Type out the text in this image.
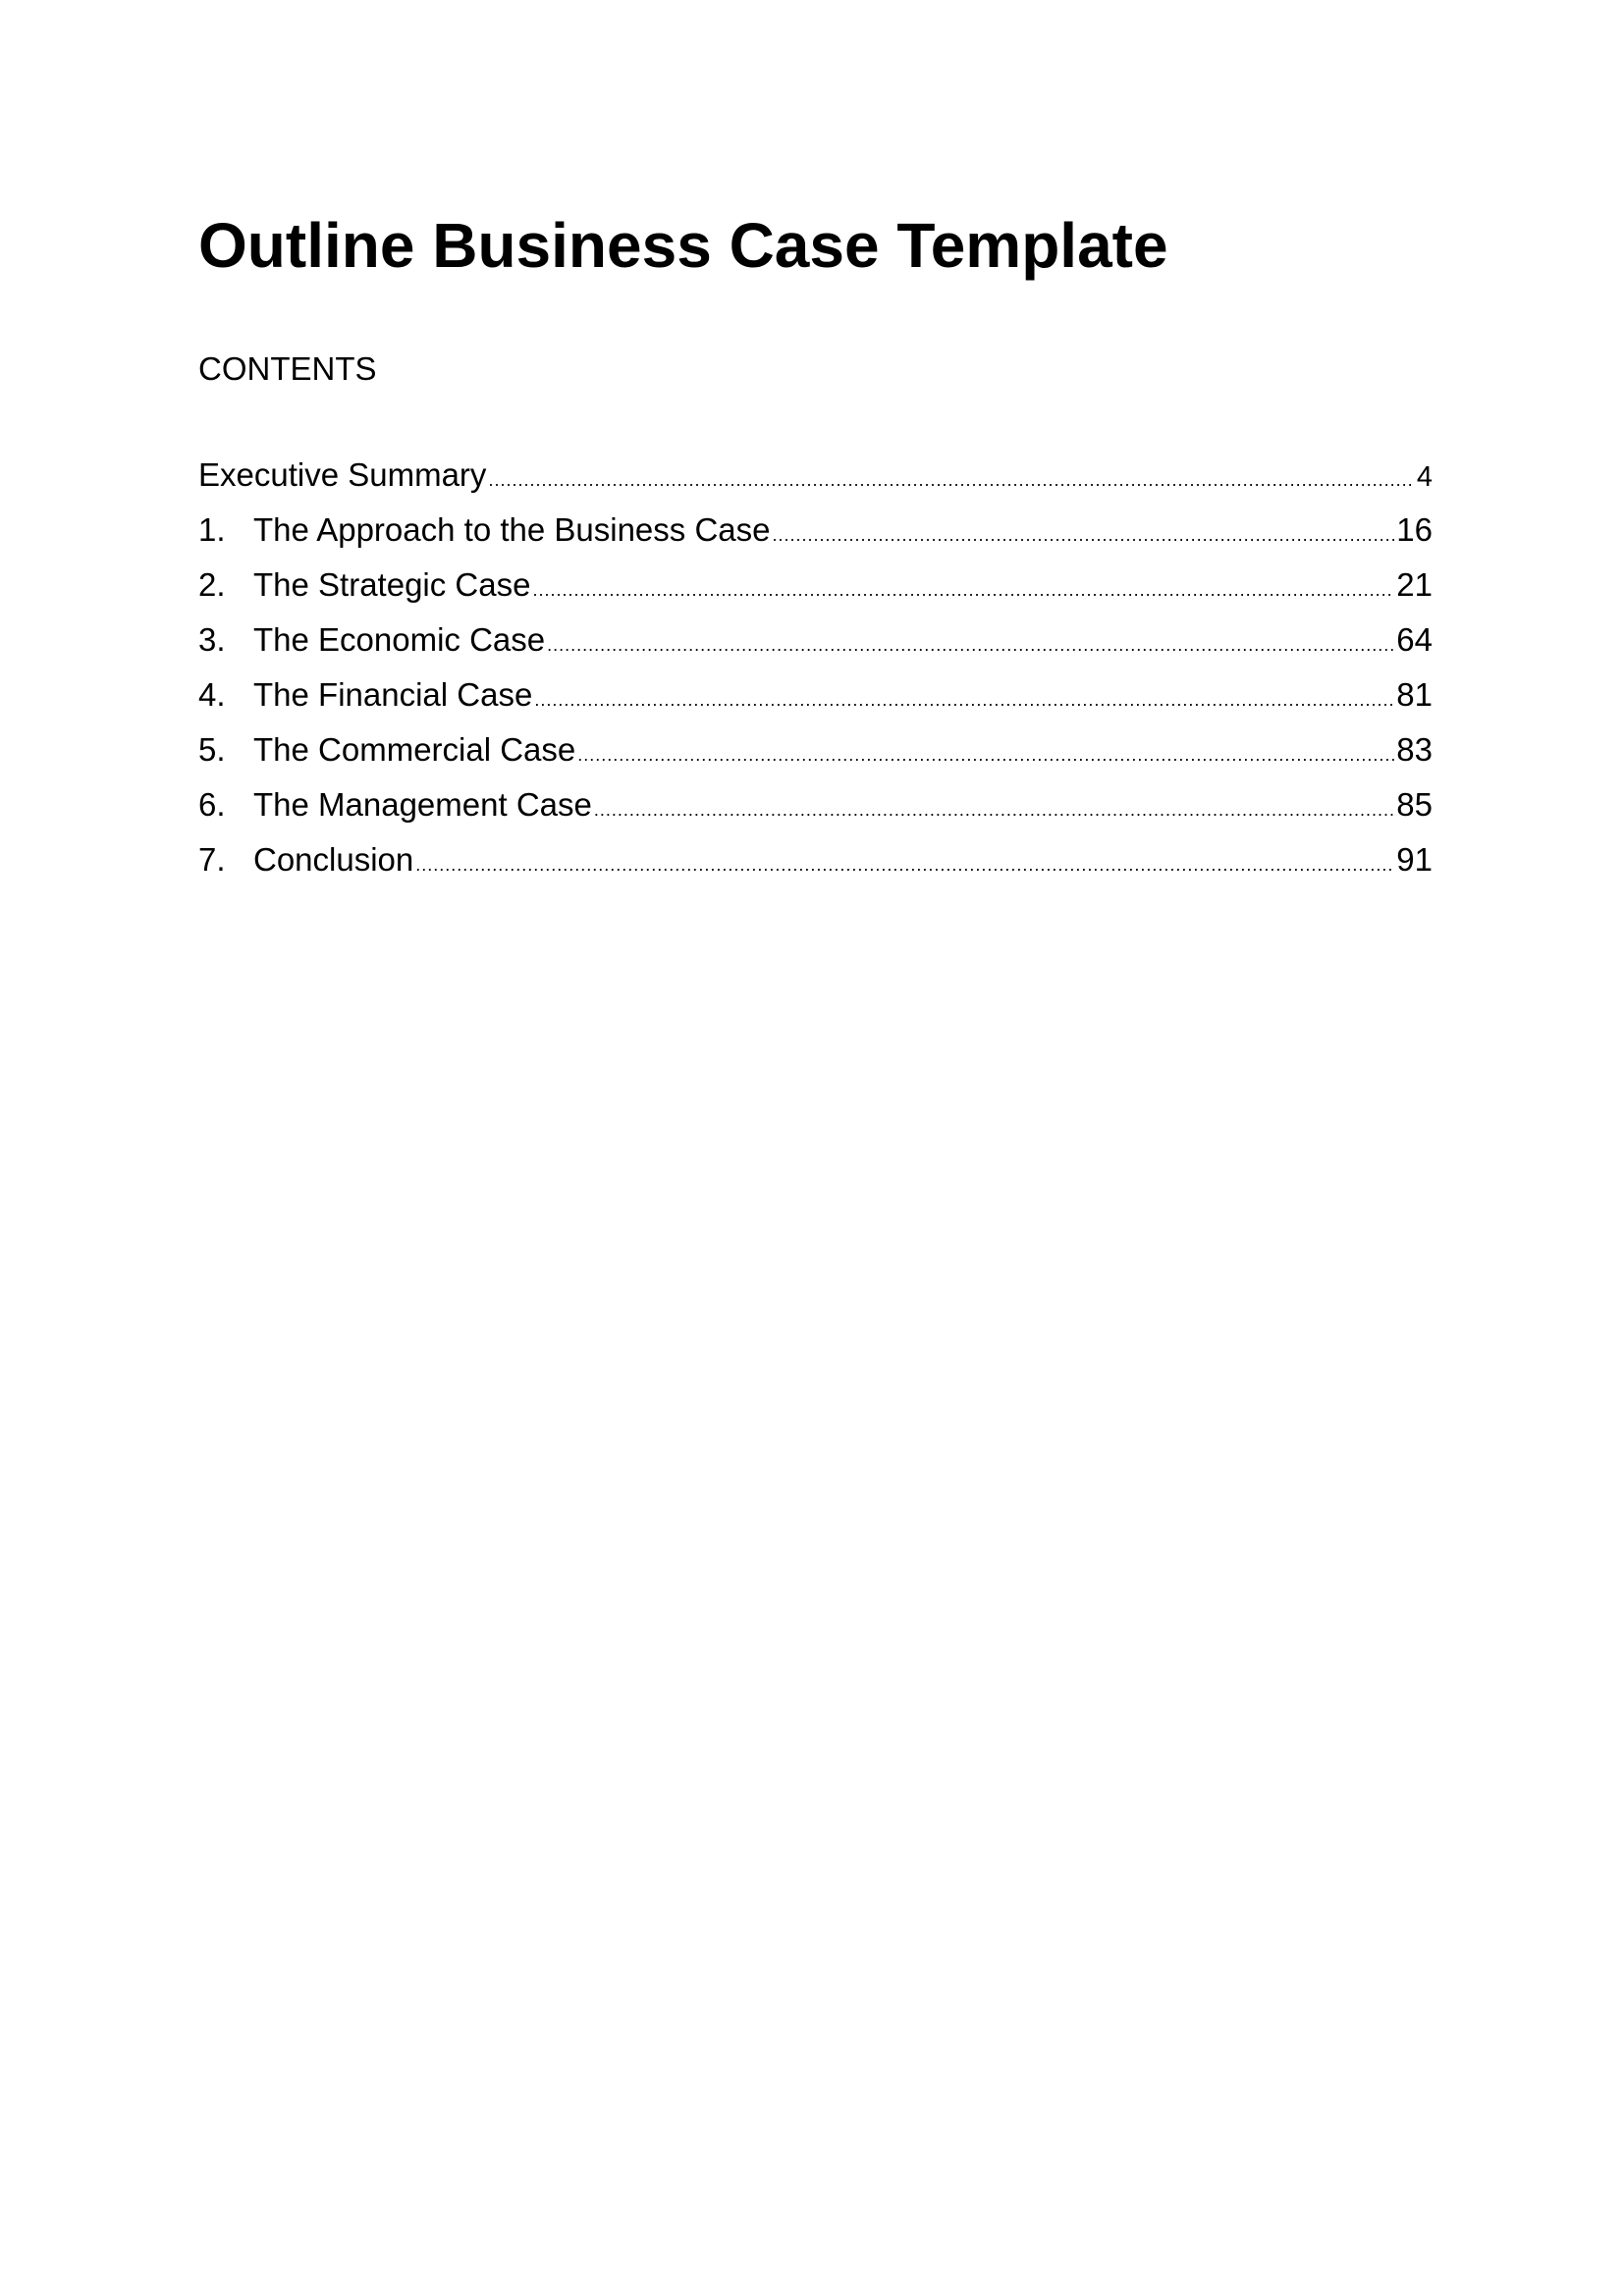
Outline Business Case Template
CONTENTS
Executive Summary .....	4
1. The Approach to the Business Case .....	16
2. The Strategic Case .....	21
3. The Economic Case .....	64
4. The Financial Case .....	81
5. The Commercial Case .....	83
6. The Management Case .....	85
7. Conclusion .....	91
